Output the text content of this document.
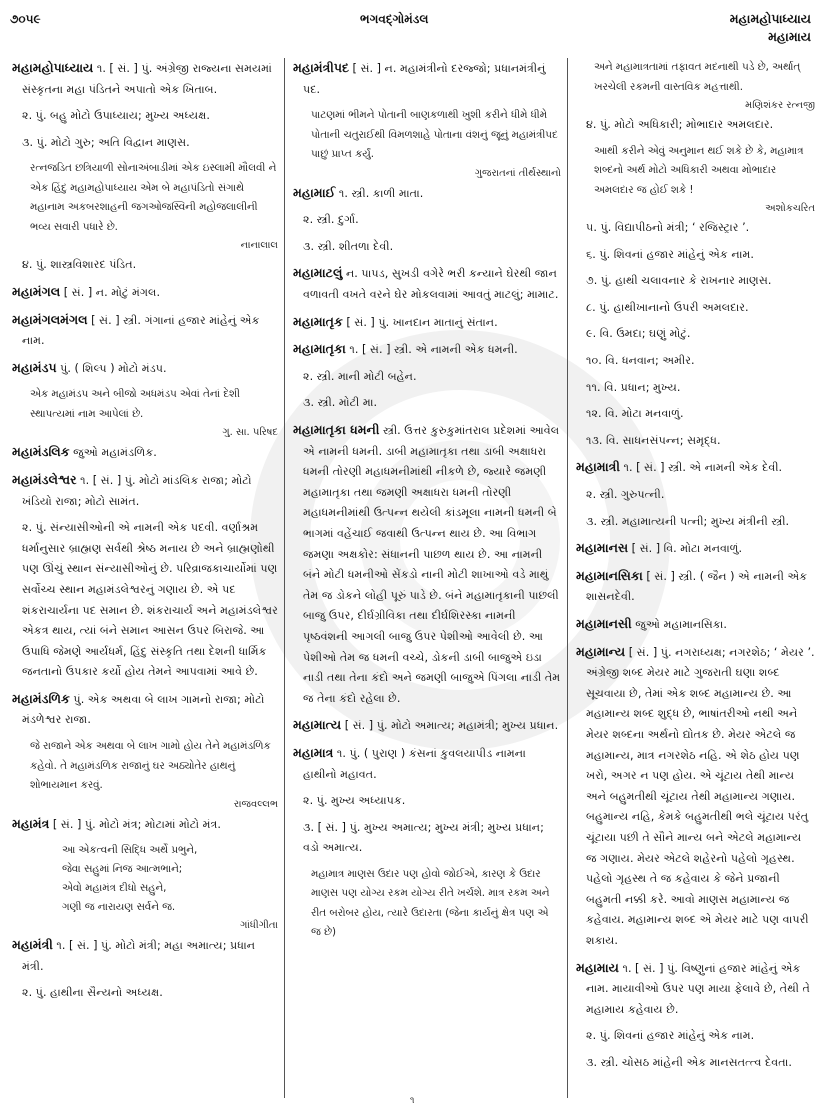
૭૦૫૯	ભગવદ્ગોમંડલ	મહામહોપાધ્યાય
મહામાય
મહામહોપાધ્યાય ૧. [ સં. ] પું. અંગ્રેજી રાજ્યના સમયમાં સંસ્કૃતના મહા પંડિતને અપાતો એક ખિતાબ.
૨. પું. બહુ મોટો ઉપાધ્યાય; મુખ્ય અધ્યક્ષ.
૩. પું. મોટો ગુરુ; અતિ વિદ્વાન માણસ.
રત્નજડિત છત્રિયાળી સોનાઅંબાડીમાં એક ઇસ્લામી મૌલવી ને એક હિંદુ મહામહોપાધ્યાય એમ બે મહાપંડિતો સંગાથે મહાનામ અકબરશાહની જગઓજસ્વિની મહોજલાલીની ભવ્ય સવારી પધારે છે.
નાનાલાલ
૪. પું. શાસ્ત્રવિશારદ પંડિત.
મહામંગલ [ સં. ] ન. મોટું મંગલ.
મહામંગલમંગલ [ સં. ] સ્ત્રી. ગંગાનાં હજાર માંહેનું એક નામ.
મહામંડપ પું. ( શિલ્પ ) મોટો મંડપ.
એક મહામંડપ અને બીજો અધમંડપ એવાં તેનાં દેશી સ્થાપત્યમાં નામ આપેલાં છે.
ગુ. સા. પરિષદ
મહામંડલિક જુઓ મહામંડળિક.
મહામંડલેશ્વર ૧. [ સં. ] પું. મોટો માંડલિક રાજા; મોટો ખંડિયો રાજા; મોટો સામંત.
૨. પું. સંન્યાસીઓની એ નામની એક પદવી. વર્ણાશ્રમ ધર્માનુસાર બ્રાહ્મણ સર્વથી શ્રેષ્ઠ મનાય છે અને બ્રાહ્મણોથી પણ ઊંચું સ્થાન સંન્યાસીઓનું છે. પરિવ્રાજકાચાર્યોમાં પણ સર્વોચ્ચ સ્થાન મહામંડલેશ્વરનું ગણાય છે. એ પદ શંકરાચાર્યના પદ સમાન છે. શંકરાચાર્ય અને મહામંડલેશ્વર એકત્ર થાય, ત્યાં બંને સમાન આસન ઉપર બિરાજે. આ ઉપાધિ જેમણે આર્યધર્મ, હિંદુ સંસ્કૃતિ તથા દેશની ધાર્મિક જનતાનો ઉપકાર કર્યો હોય તેમને આપવામાં આવે છે.
મહામંડળિક પું. એક અથવા બે લાખ ગામનો રાજા; મોટો મંડળેશ્વર રાજા.
જે રાજાને એક અથવા બે લાખ ગામો હોય તેને મહામંડળિક કહેવો. તે મહામંડળિક રાજાનું ઘર અઠ્યોતેર હાથનું શોભાયમાન કરવું.
રાજવલ્લભ
મહામંત્ર [ સં. ] પું. મોટો મંત્ર; મોટામાં મોટો મંત્ર.
આ એકત્વની સિદ્ધિ અર્થે પ્રભુને,
જેવા સહુમાં નિજ આત્મભાને;
એવો મહામંત્ર દીધો સહુને,
ગણી જ નારાયણ સર્વને જ.
ગાંધીગીતા
મહામંત્રી ૧. [ સં. ] પું. મોટો મંત્રી; મહા અમાત્ય; પ્રધાન મંત્રી.
૨. પું. હાથીના સૈન્યનો અધ્યક્ષ.
મહામંત્રીપદ [ સં. ] ન. મહામંત્રીનો દરજ્જો; પ્રધાનમંત્રીનું પદ.
પાટણમાં ભીમને પોતાની બાણકળાથી ખુશી કરીને ધીમે ધીમે પોતાની ચતુરાઈથી વિમળશાહે પોતાના વંશનું જૂનું મહામંત્રીપદ પાછું પ્રાપ્ત કર્યું.
ગુજરાતનાં તીર્થસ્થાનો
મહામાઈ ૧. સ્ત્રી. કાળી માતા.
૨. સ્ત્રી. દુર્ગા.
૩. સ્ત્રી. શીતળા દેવી.
મહામાટલું ન. પાપડ, સુખડી વગેરે ભરી કન્યાને ઘેરથી જાન વળાવતી વખતે વરને ઘેર મોકલવામાં આવતું માટલું; મામાટ.
મહામાતૃક [ સં. ] પું. ખાનદાન માતાનું સંતાન.
મહામાતૃકા ૧. [ સં. ] સ્ત્રી. એ નામની એક ધમની.
૨. સ્ત્રી. માની મોટી બહેન.
૩. સ્ત્રી. મોટી મા.
મહામાતૃકા ધમની સ્ત્રી. ઉત્તર કુરુકુમાંતરાલ પ્રદેશમાં આવેલ એ નામની ધમની. ડાબી મહામાતૃકા તથા ડાબી અક્ષાધરા ધમની તોરણી મહાધમનીમાંથી નીકળે છે, જ્યારે જમણી મહામાતૃકા તથા જમણી અક્ષાધરા ધમની તોરણી મહાધમનીમાંથી ઉત્પન્ન થયેલી કાંડમૂલા નામની ધમની બે ભાગમાં વહેંચાઈ જવાથી ઉત્પન્ન થાય છે. આ વિભાગ જમણા અક્ષકોર: સંધાનની પાછળ થાય છે. આ નામની બંને મોટી ધમનીઓ સેંકડો નાની મોટી શાખાઓ વડે માથું તેમ જ ડોકને લોહી પૂરું પાડે છે. બંને મહામાતૃકાની પાછલી બાજુ ઉપર, દીર્ઘગ્રીવિકા તથા દીર્ઘશિરસ્કા નામની પૃષ્ઠવંશની આગલી બાજુ ઉપર પેશીઓ આવેલી છે. આ પેશીઓ તેમ જ ધમની વચ્ચે, ડોકની ડાબી બાજુએ ઇડા નાડી તથા તેના કંદો અને જમણી બાજુએ પિંગલા નાડી તેમ જ તેના કંદો રહેલા છે.
મહામાત્ય [ સં. ] પું. મોટો અમાત્ય; મહામંત્રી; મુખ્ય પ્રધાન.
મહામાત્ર ૧. પું. ( પુરાણ ) કંસનાં કુવલયાપીડ નામના હાથીનો મહાવત.
૨. પું. મુખ્ય અધ્યાપક.
૩. [ સં. ] પું. મુખ્ય અમાત્ય; મુખ્ય મંત્રી; મુખ્ય પ્રધાન; વડો અમાત્ય.
મહામાત્ર માણસ ઉદાર પણ હોવો જોઈએ, કારણ કે ઉદાર માણસ પણ યોગ્ય રકમ યોગ્ય રીતે ખર્ચશે. માત્ર રકમ અને રીત બરોબર હોય, ત્યારે ઉદારતા (જેના કાર્યનું ક્ષેત્ર પણ એ જ છે)
અને મહામાત્રતામાં તફાવત મદનાથી પડે છે, અર્થાત્ ખરચેલી રકમની વાસ્તવિક મહત્તાથી.
મણિશંકર રત્નજી
૪. પું. મોટો અધિકારી; મોભાદાર અમલદાર.
આથી કરીને એવું અનુમાન થઈ શકે છે કે, મહામાત્ર શબ્દનો અર્થ મોટો અધિકારી અથવા મોભાદાર અમલદાર જ હોઈ શકે !
અશોકચરિત
૫. પું. વિદ્યાપીઠનો મંત્રી; ‘ રજિસ્ટ્રાર ’.
૬. પું. શિવનાં હજાર માંહેનું એક નામ.
૭. પું. હાથી ચલાવનાર કે રાખનાર માણસ.
૮. પું. હાથીખાનાનો ઉપરી અમલદાર.
૯. વિ. ઉમદા; ઘણું મોટું.
૧૦. વિ. ધનવાન; અમીર.
૧૧. વિ. પ્રધાન; મુખ્ય.
૧૨. વિ. મોટા મનવાળું.
૧૩. વિ. સાધનસંપન્ન; સમૃદ્ધ.
મહામાત્રી ૧. [ સં. ] સ્ત્રી. એ નામની એક દેવી.
૨. સ્ત્રી. ગુરુપત્ની.
૩. સ્ત્રી. મહામાત્યની પત્ની; મુખ્ય મંત્રીની સ્ત્રી.
મહામાનસ [ સં. ] વિ. મોટા મનવાળું.
મહામાનસિકા [ સં. ] સ્ત્રી. ( જૈન ) એ નામની એક શાસનદેવી.
મહામાનસી જુઓ મહામાનસિકા.
મહામાન્ય [ સં. ] પું. નગરાધ્યક્ષ; નગરશેઠ; ‘ મેયર ’. અંગ્રેજી શબ્દ મેયર માટે ગુજરાતી ઘણા શબ્દ સૂચવાયા છે, તેમાં એક શબ્દ મહામાન્ય છે. આ મહામાન્ય શબ્દ શુદ્ધ છે, ભાષાંતરીઓ નથી અને મેયર શબ્દના અર્થનો દ્યોતક છે. મેયર એટલે જ મહામાન્ય, માત્ર નગરશેઠ નહિ. એ શેઠ હોય પણ ખરો, અગર ન પણ હોય. એ ચૂંટાય તેથી માન્ય અને બહુમતીથી ચૂંટાય તેથી મહામાન્ય ગણાય. બહુમાન્ય નહિ, કેમકે બહુમતીથી ભલે ચૂંટાય પરંતુ ચૂંટાયા પછી તે સૌને માન્ય બને એટલે મહામાન્ય જ ગણાય. મેયર એટલે શહેરનો પહેલો ગૃહસ્થ. પહેલો ગૃહસ્થ તે જ કહેવાય કે જેને પ્રજાની બહુમતી નક્કી કરે. આવો માણસ મહામાન્ય જ કહેવાય. મહામાન્ય શબ્દ એ મેયર માટે પણ વાપરી શકાય.
મહામાય ૧. [ સં. ] પું. વિષ્ણુનાં હજાર માંહેનું એક નામ. માયાવીઓ ઉપર પણ માયા ફેલાવે છે, તેથી તે મહામાય કહેવાય છે.
૨. પું. શિવનાં હજાર માંહેનું એક નામ.
૩. સ્ત્રી. ચોસઠ માંહેની એક માનસતત્ત્વ દેવતા.
૧
